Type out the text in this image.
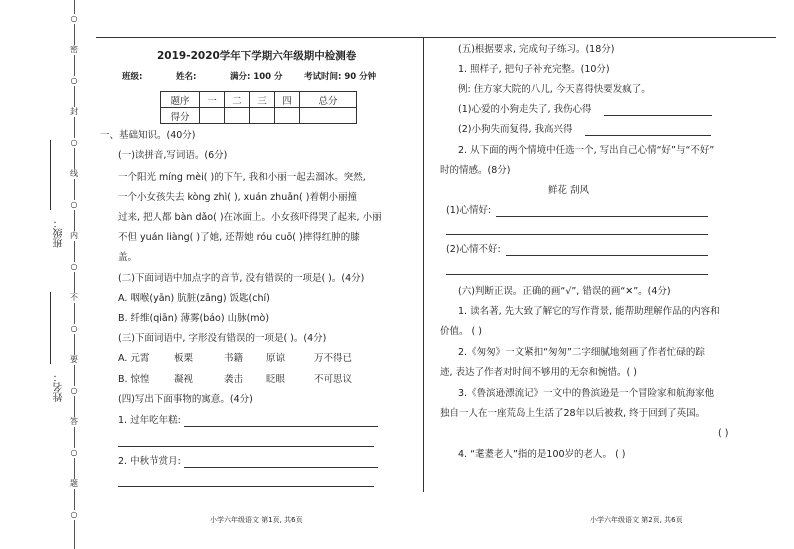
○
密
○
封
○
线
○
内
○
不
○
要
○
答
○
题
○
班级：
姓名：
2019-2020学年下学期六年级期中检测卷
班级:	姓名:	满分: 100 分	考试时间: 90 分钟
题序	一	二	三	四	总分
得分					
一、基础知识。(40分)
(一)读拼音,写词语。(6分)
一个阳光 míng mèi( )的下午, 我和小丽一起去溜冰。突然,
一个小女孩失去 kòng zhì( ), xuán zhuǎn( )着朝小丽撞
过来, 把人都 bàn dǎo( )在冰面上。小女孩吓得哭了起来, 小丽
不但 yuán liàng( )了她, 还帮她 róu cuō( )摔得红肿的膝
盖。
(二)下面词语中加点字的音节, 没有错误的一项是( )。(4分)
A. 咽喉(yān) 肮脏(zāng) 饭匙(chí)
B. 纤维(qiān) 薄雾(báo) 山脉(mò)
(三)下面词语中, 字形没有错误的一项是( )。(4分)
A. 元霄	板栗	书籍 原谅	万不得已
B. 惊惶	凝视	袭击 眨眼	不可思议
(四)写出下面事物的寓意。(4分)
1. 过年吃年糕:
2. 中秋节赏月:
小学六年级语文 第1页, 共6页
(五)根据要求, 完成句子练习。(18分)
1. 照样子, 把句子补充完整。(10分)
例: 住方家大院的八儿, 今天喜得快要发疯了。
(1)心爱的小狗走失了, 我伤心得
(2)小狗失而复得, 我高兴得
2. 从下面的两个情境中任选一个, 写出自己心情“好”与“不好”
时的情感。(8分)
鲜花 刮风
(1)心情好:
(2)心情不好:
(六)判断正误。正确的画“√”, 错误的画“✕”。(4分)
1. 读名著, 先大致了解它的写作背景, 能帮助理解作品的内容和
价值。 ( )
2.《匆匆》一文紧扣“匆匆”二字细腻地刻画了作者忙碌的踪
迹, 表达了作者对时间不够用的无奈和惋惜。( )
3.《鲁滨逊漂流记》一文中的鲁滨逊是一个冒险家和航海家他
独自一人在一座荒岛上生活了28年以后被救, 终于回到了英国。
( )
4. “耄耋老人”指的是100岁的老人。 ( )
小学六年级语文 第2页, 共6页
